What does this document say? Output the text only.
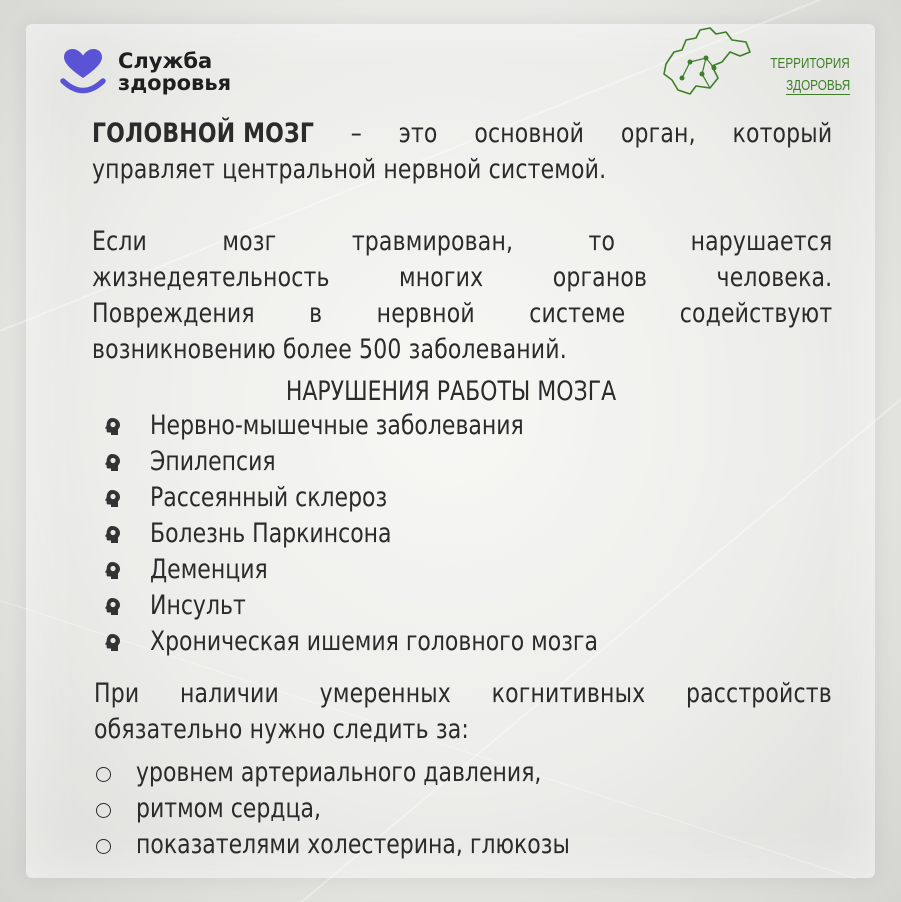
Служба
здоровья
ТЕРРИТОРИЯ
ЗДОРОВЬЯ
ГОЛОВНОЙ МОЗГ – это основной орган, который
управляет центральной нервной системой.
Если	мозг	травмирован,	то	нарушается
жизнедеятельность	многих	органов	человека.
Повреждения в нервной системе содействуют
возникновению более 500 заболеваний.
НАРУШЕНИЯ РАБОТЫ МОЗГА
Нервно-мышечные заболевания
Эпилепсия
Рассеянный склероз
Болезнь Паркинсона
Деменция
Инсульт
Хроническая ишемия головного мозга
При наличии умеренных когнитивных расстройств
обязательно нужно следить за:
уровнем артериального давления,
ритмом сердца,
показателями холестерина, глюкозы
